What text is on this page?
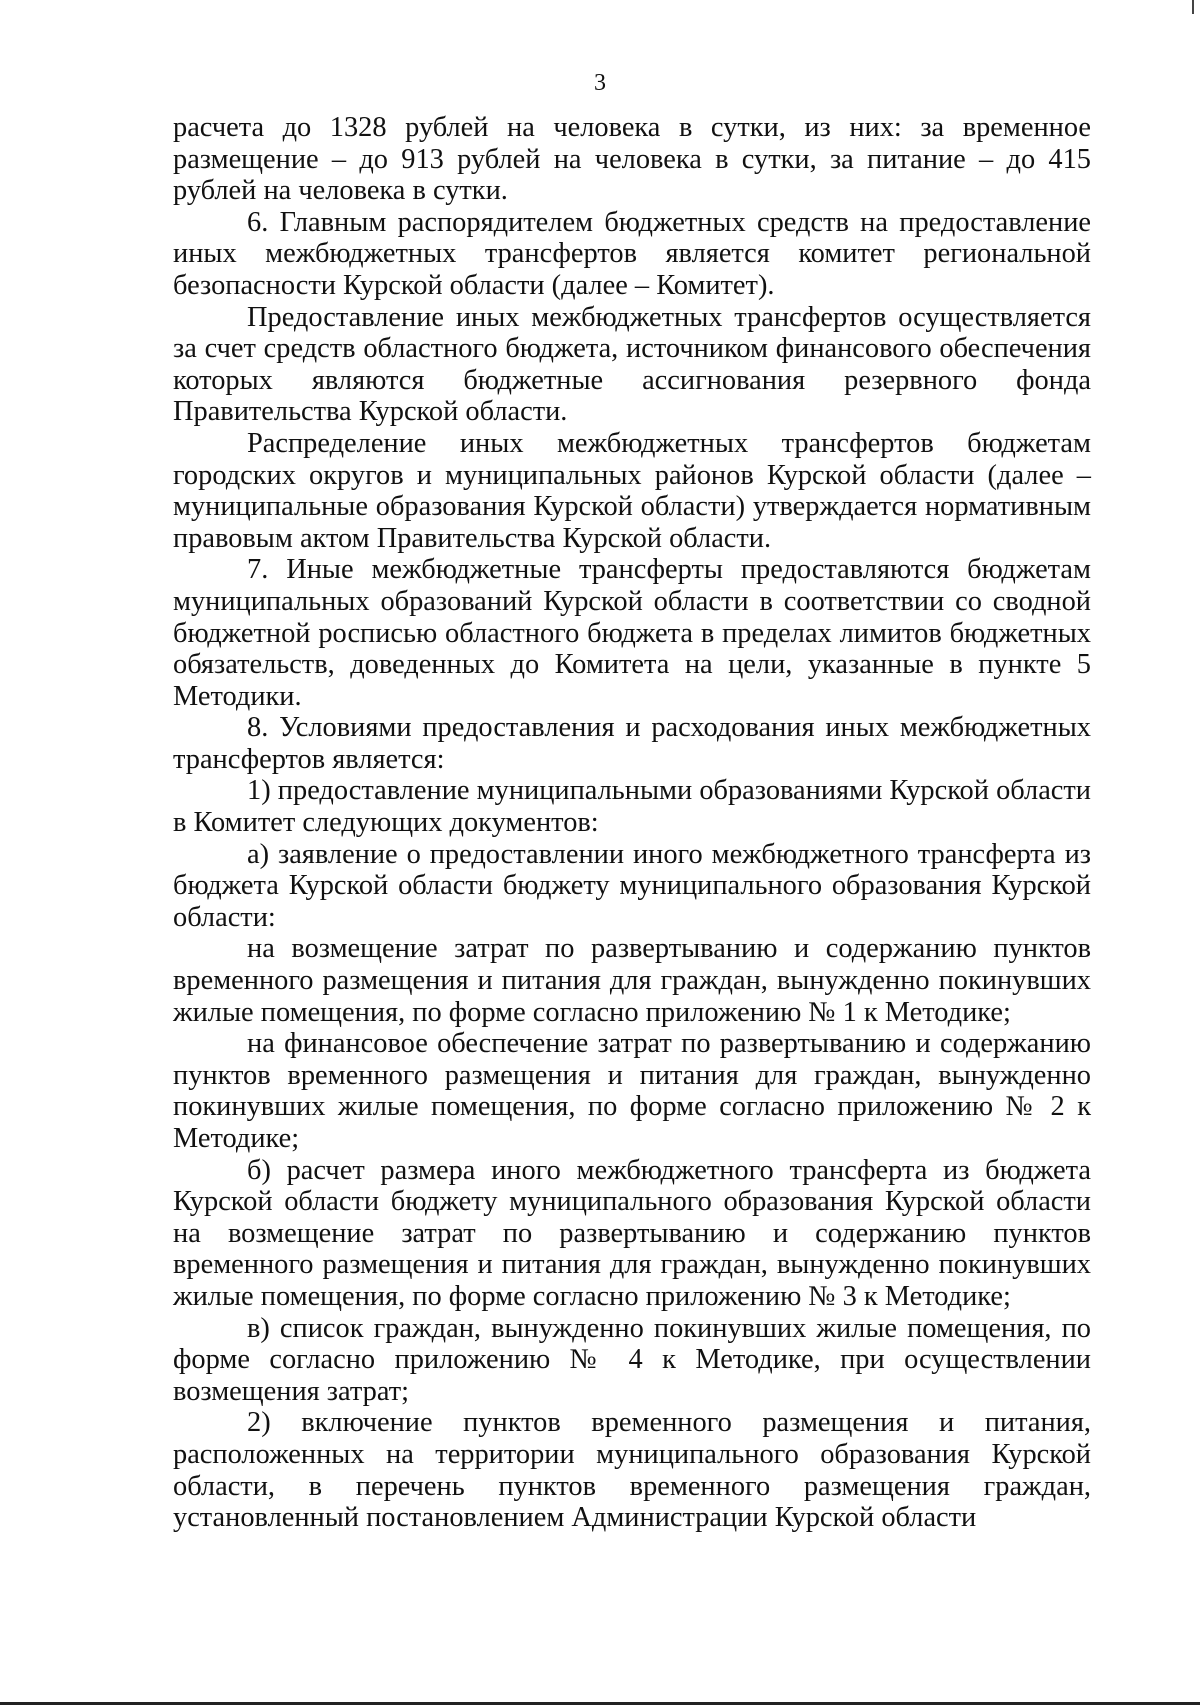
3

расчета до 1328 рублей на человека в сутки, из них: за временное размещение – до 913 рублей на человека в сутки, за питание – до 415 рублей на человека в сутки.

6. Главным распорядителем бюджетных средств на предоставление иных межбюджетных трансфертов является комитет региональной безопасности Курской области (далее – Комитет).

Предоставление иных межбюджетных трансфертов осуществляется за счет средств областного бюджета, источником финансового обеспечения которых являются бюджетные ассигнования резервного фонда Правительства Курской области.

Распределение иных межбюджетных трансфертов бюджетам городских округов и муниципальных районов Курской области (далее – муниципальные образования Курской области) утверждается нормативным правовым актом Правительства Курской области.

7. Иные межбюджетные трансферты предоставляются бюджетам муниципальных образований Курской области в соответствии со сводной бюджетной росписью областного бюджета в пределах лимитов бюджетных обязательств, доведенных до Комитета на цели, указанные в пункте 5 Методики.

8. Условиями предоставления и расходования иных межбюджетных трансфертов является:

1) предоставление муниципальными образованиями Курской области в Комитет следующих документов:

а) заявление о предоставлении иного межбюджетного трансферта из бюджета Курской области бюджету муниципального образования Курской области:

на возмещение затрат по развертыванию и содержанию пунктов временного размещения и питания для граждан, вынужденно покинувших жилые помещения, по форме согласно приложению № 1 к Методике;

на финансовое обеспечение затрат по развертыванию и содержанию пунктов временного размещения и питания для граждан, вынужденно покинувших жилые помещения, по форме согласно приложению № 2 к Методике;

б) расчет размера иного межбюджетного трансферта из бюджета Курской области бюджету муниципального образования Курской области на возмещение затрат по развертыванию и содержанию пунктов временного размещения и питания для граждан, вынужденно покинувших жилые помещения, по форме согласно приложению № 3 к Методике;

в) список граждан, вынужденно покинувших жилые помещения, по форме согласно приложению № 4 к Методике, при осуществлении возмещения затрат;

2) включение пунктов временного размещения и питания, расположенных на территории муниципального образования Курской области, в перечень пунктов временного размещения граждан, установленный постановлением Администрации Курской области
